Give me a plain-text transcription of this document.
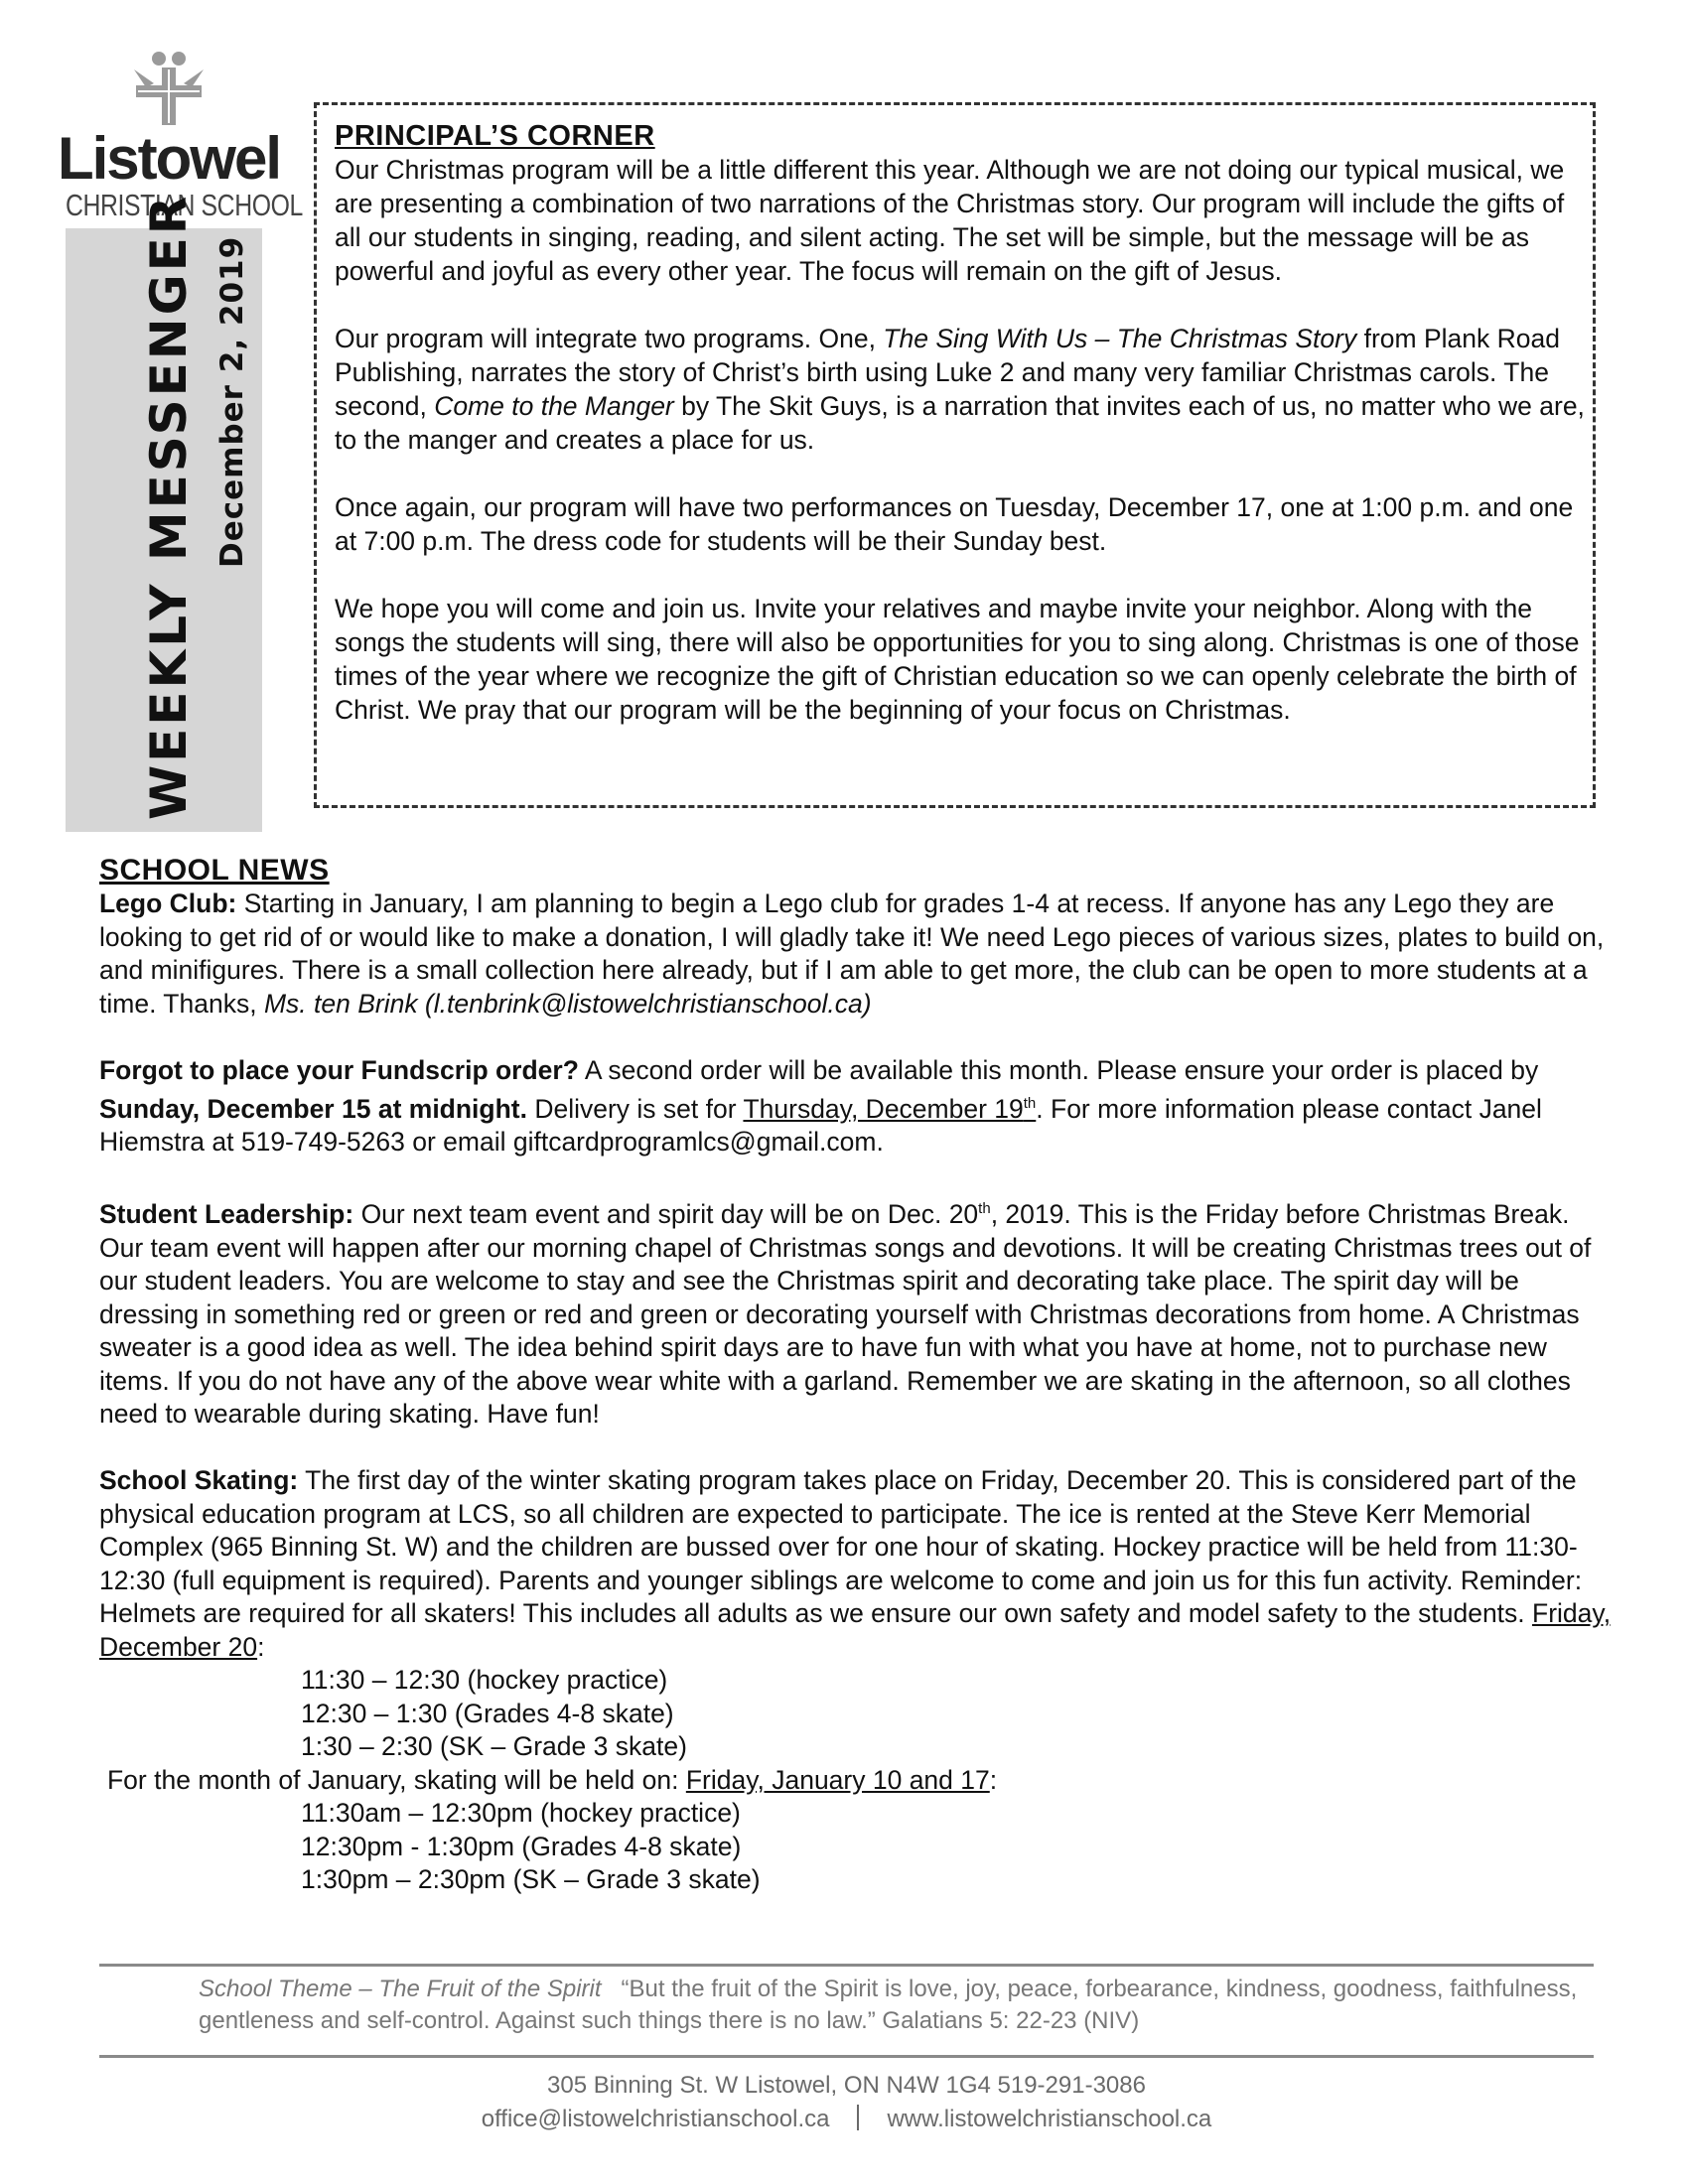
Listowel
CHRISTIAN SCHOOL
WEEKLY MESSENGER December 2, 2019
PRINCIPAL’S CORNER

Our Christmas program will be a little different this year. Although we are not doing our typical musical, we are presenting a combination of two narrations of the Christmas story. Our program will include the gifts of all our students in singing, reading, and silent acting. The set will be simple, but the message will be as powerful and joyful as every other year. The focus will remain on the gift of Jesus.

Our program will integrate two programs. One, The Sing With Us – The Christmas Story from Plank Road Publishing, narrates the story of Christ’s birth using Luke 2 and many very familiar Christmas carols. The second, Come to the Manger by The Skit Guys, is a narration that invites each of us, no matter who we are, to the manger and creates a place for us.

Once again, our program will have two performances on Tuesday, December 17, one at 1:00 p.m. and one at 7:00 p.m. The dress code for students will be their Sunday best.

We hope you will come and join us. Invite your relatives and maybe invite your neighbor. Along with the songs the students will sing, there will also be opportunities for you to sing along. Christmas is one of those times of the year where we recognize the gift of Christian education so we can openly celebrate the birth of Christ. We pray that our program will be the beginning of your focus on Christmas.

SCHOOL NEWS

Lego Club: Starting in January, I am planning to begin a Lego club for grades 1-4 at recess. If anyone has any Lego they are looking to get rid of or would like to make a donation, I will gladly take it! We need Lego pieces of various sizes, plates to build on, and minifigures. There is a small collection here already, but if I am able to get more, the club can be open to more students at a time. Thanks, Ms. ten Brink (l.tenbrink@listowelchristianschool.ca)

Forgot to place your Fundscrip order? A second order will be available this month. Please ensure your order is placed by Sunday, December 15 at midnight. Delivery is set for Thursday, December 19th. For more information please contact Janel Hiemstra at 519-749-5263 or email giftcardprogramlcs@gmail.com.

Student Leadership: Our next team event and spirit day will be on Dec. 20th, 2019. This is the Friday before Christmas Break. Our team event will happen after our morning chapel of Christmas songs and devotions. It will be creating Christmas trees out of our student leaders. You are welcome to stay and see the Christmas spirit and decorating take place. The spirit day will be dressing in something red or green or red and green or decorating yourself with Christmas decorations from home. A Christmas sweater is a good idea as well. The idea behind spirit days are to have fun with what you have at home, not to purchase new items. If you do not have any of the above wear white with a garland. Remember we are skating in the afternoon, so all clothes need to wearable during skating. Have fun!

School Skating: The first day of the winter skating program takes place on Friday, December 20. This is considered part of the physical education program at LCS, so all children are expected to participate. The ice is rented at the Steve Kerr Memorial Complex (965 Binning St. W) and the children are bussed over for one hour of skating. Hockey practice will be held from 11:30- 12:30 (full equipment is required). Parents and younger siblings are welcome to come and join us for this fun activity. Reminder: Helmets are required for all skaters! This includes all adults as we ensure our own safety and model safety to the students. Friday, December 20:
11:30 – 12:30 (hockey practice)
12:30 – 1:30 (Grades 4-8 skate)
1:30 – 2:30 (SK – Grade 3 skate)
For the month of January, skating will be held on: Friday, January 10 and 17:
11:30am – 12:30pm (hockey practice)
12:30pm - 1:30pm (Grades 4-8 skate)
1:30pm – 2:30pm (SK – Grade 3 skate)
School Theme – The Fruit of the Spirit “But the fruit of the Spirit is love, joy, peace, forbearance, kindness, goodness, faithfulness, gentleness and self-control. Against such things there is no law.” Galatians 5: 22-23 (NIV)
305 Binning St. W Listowel, ON N4W 1G4 519-291-3086
office@listowelchristianschool.ca www.listowelchristianschool.ca
